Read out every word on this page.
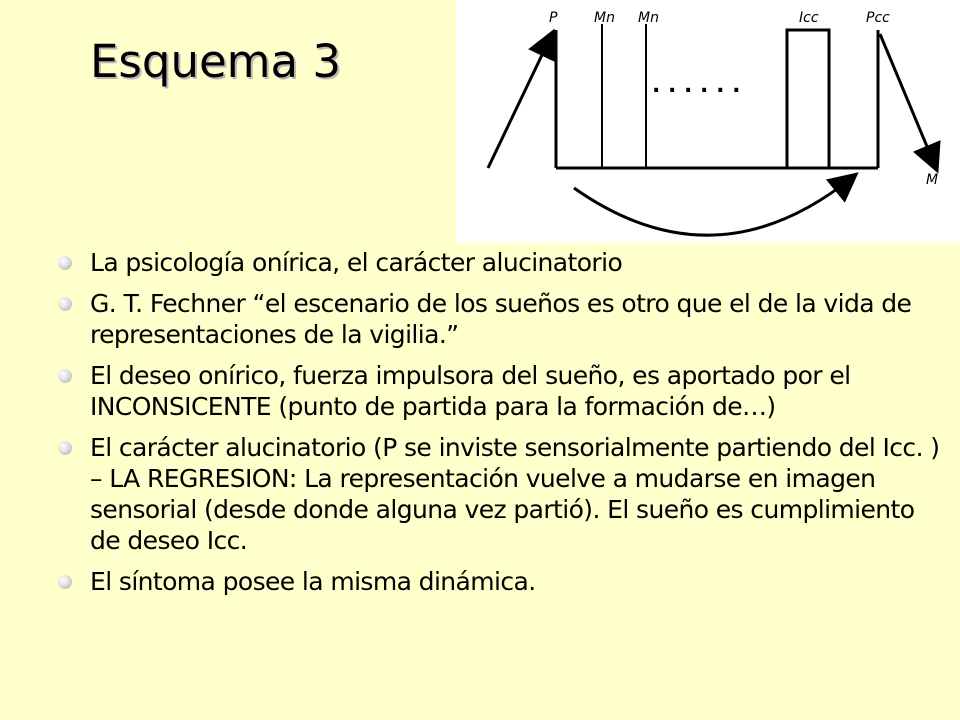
Esquema 3
P	Mn Mn	Icc	Pcc
M
. . . . . .
La psicología onírica, el carácter alucinatorio
G. T. Fechner “el escenario de los sueños es otro que el de la vida de representaciones de la vigilia.”
El deseo onírico, fuerza impulsora del sueño, es aportado por el INCONSICENTE (punto de partida para la formación de…)
El carácter alucinatorio (P se inviste sensorialmente partiendo del Icc. ) – LA REGRESION: La representación vuelve a mudarse en imagen sensorial (desde donde alguna vez partió). El sueño es cumplimiento de deseo Icc.
El síntoma posee la misma dinámica.
